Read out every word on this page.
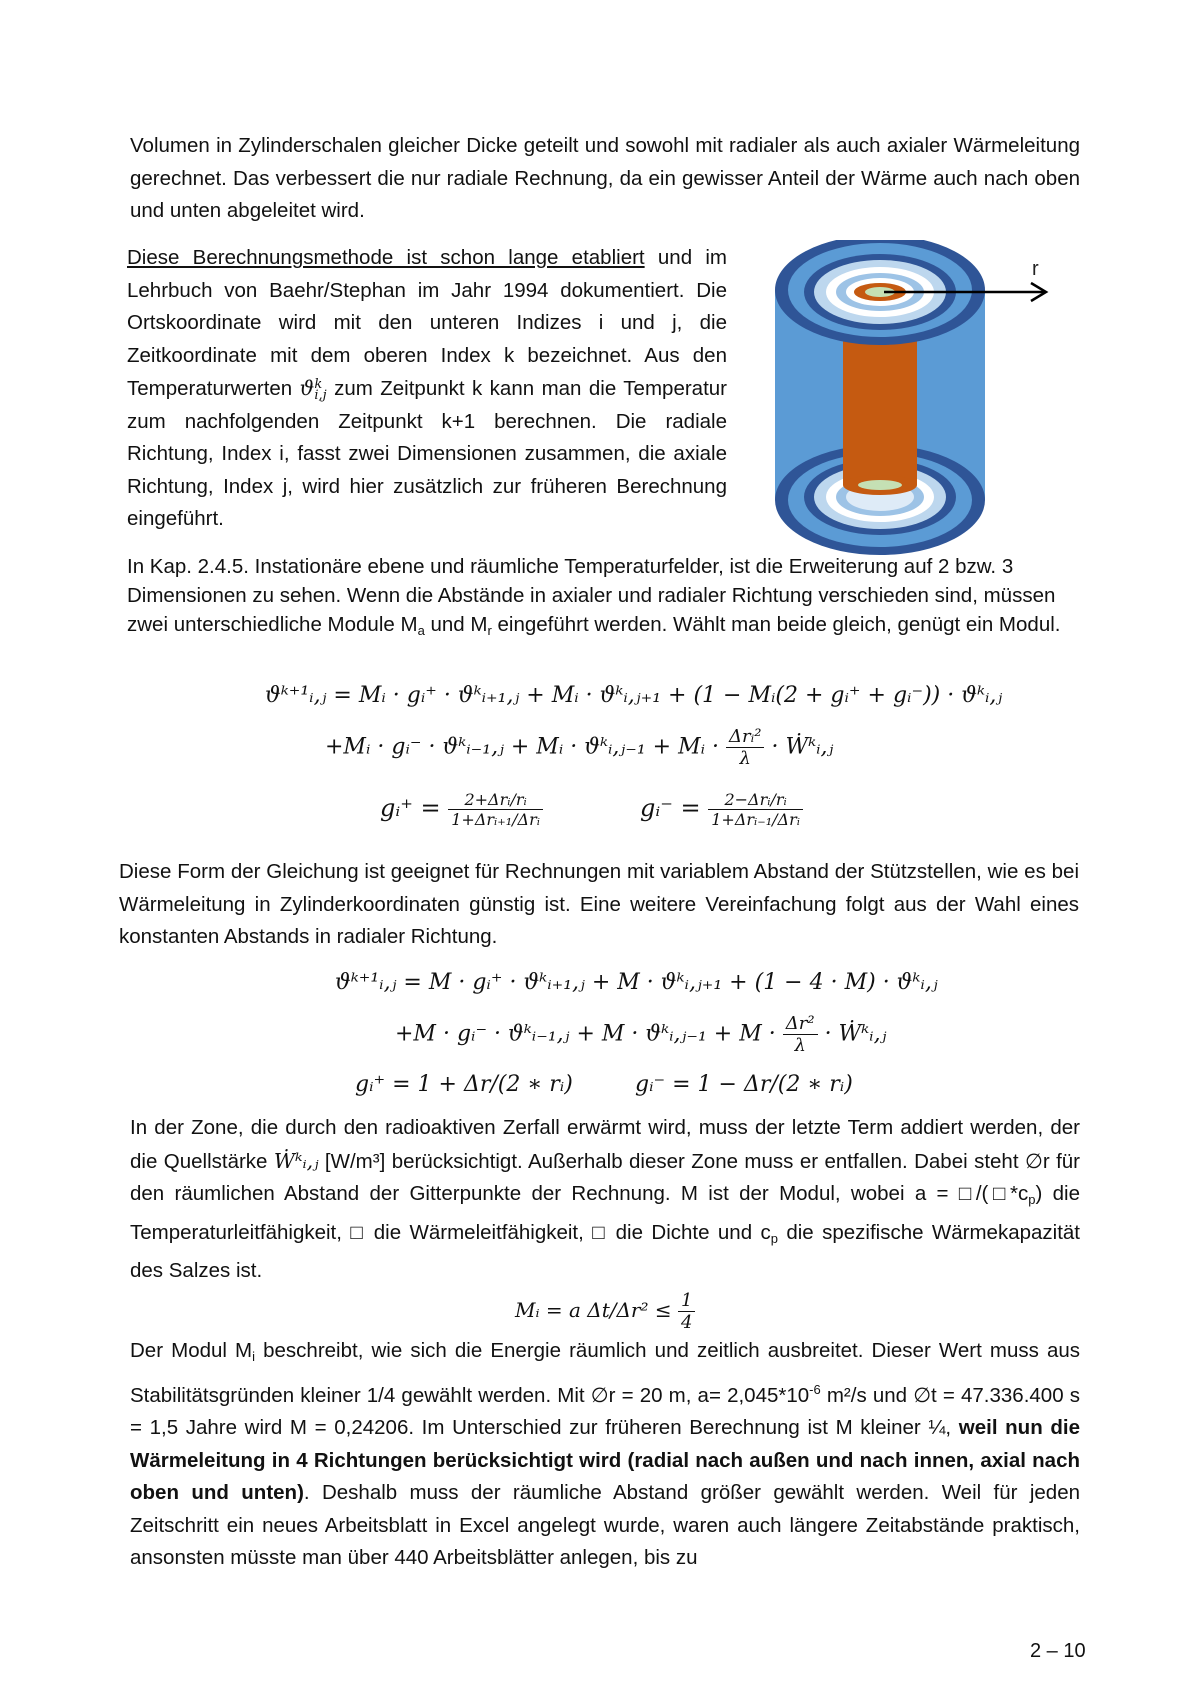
Volumen in Zylinderschalen gleicher Dicke geteilt und sowohl mit radialer als auch axialer Wärmeleitung gerechnet. Das verbessert die nur radiale Rechnung, da ein gewisser Anteil der Wärme auch nach oben und unten abgeleitet wird.

Diese Berechnungsmethode ist schon lange etabliert und im Lehrbuch von Baehr/Stephan im Jahr 1994 dokumentiert. Die Ortskoordinate wird mit den unteren Indizes i und j, die Zeitkoordinate mit dem oberen Index k bezeichnet. Aus den Temperaturwerten ϑ k
i,j zum Zeitpunkt k kann man die Temperatur zum nachfolgenden Zeitpunkt k+1 berechnen. Die radiale Richtung, Index i, fasst zwei Dimensionen zusammen, die axiale Richtung, Index j, wird hier zusätzlich zur früheren Berechnung eingeführt.

r

In Kap. 2.4.5. Instationäre ebene und räumliche Temperaturfelder, ist die Erweiterung auf 2 bzw. 3 Dimensionen zu sehen. Wenn die Abstände in axialer und radialer Richtung verschieden sind, müssen zwei unterschiedliche Module $M_a$ und $M_r$ eingeführt werden. Wählt man beide gleich, genügt ein Modul.

ϑᵏ⁺¹ᵢ,ⱼ = Mᵢ · gᵢ⁺ · ϑᵏᵢ₊₁,ⱼ + Mᵢ · ϑᵏᵢ,ⱼ₊₁ + (1 − Mᵢ(2 + gᵢ⁺ + gᵢ⁻)) · ϑᵏᵢ,ⱼ
+Mᵢ · gᵢ⁻ · ϑᵏᵢ₋₁,ⱼ + Mᵢ · ϑᵏᵢ,ⱼ₋₁ + Mᵢ · $\frac{\text{Δrᵢ²}}{\lambda}$ · Ẇᵏᵢ,ⱼ
gᵢ⁺ = $\frac{\text{2+Δrᵢ/rᵢ}}{\text{1+Δrᵢ₊₁/Δrᵢ}}$	gᵢ⁻ = $\frac{\text{2−Δrᵢ/rᵢ}}{\text{1+Δrᵢ₋₁/Δrᵢ}}$

Diese Form der Gleichung ist geeignet für Rechnungen mit variablem Abstand der Stützstellen, wie es bei Wärmeleitung in Zylinderkoordinaten günstig ist. Eine weitere Vereinfachung folgt aus der Wahl eines konstanten Abstands in radialer Richtung.

ϑᵏ⁺¹ᵢ,ⱼ = M · gᵢ⁺ · ϑᵏᵢ₊₁,ⱼ + M · ϑᵏᵢ,ⱼ₊₁ + (1 − 4 · M) · ϑᵏᵢ,ⱼ
+M · gᵢ⁻ · ϑᵏᵢ₋₁,ⱼ + M · ϑᵏᵢ,ⱼ₋₁ + $M \cdot \frac{\text{Δr²}}{\lambda}$ · Ẇᵏᵢ,ⱼ
gᵢ⁺ = 1 + Δr/(2 ∗ rᵢ)	gᵢ⁻ = 1 − Δr/(2 ∗ rᵢ)

In der Zone, die durch den radioaktiven Zerfall erwärmt wird, muss der letzte Term addiert werden, der die Quellstärke Ẇᵏᵢ,ⱼ [W/m³] berücksichtigt. Außerhalb dieser Zone muss er entfallen. Dabei steht ∅r für den räumlichen Abstand der Gitterpunkte der Rechnung. M ist der Modul, wobei $a = □/(□*c_p)$ die Temperaturleitfähigkeit, □ die Wärmeleitfähigkeit, □ die Dichte und $c_p$ die spezifische Wärmekapazität des Salzes ist.

Mᵢ = a $\Delta t/\Delta r^2 \le \frac{1}{4}$

Der Modul $M_i$ beschreibt, wie sich die Energie räumlich und zeitlich ausbreitet. Dieser Wert muss aus Stabilitätsgründen kleiner 1/4 gewählt werden. Mit ∅r = 20 m, $a= 2,045*10^{-6}$ m²/s und ∅t = 47.336.400 s = 1,5 Jahre wird M = 0,24206. Im Unterschied zur früheren Berechnung ist M kleiner ¼, weil nun die Wärmeleitung in 4 Richtungen berücksichtigt wird (radial nach außen und nach innen, axial nach oben und unten). Deshalb muss der räumliche Abstand größer gewählt werden. Weil für jeden Zeitschritt ein neues Arbeitsblatt in Excel angelegt wurde, waren auch längere Zeitabstände praktisch, ansonsten müsste man über 440 Arbeitsblätter anlegen, bis zu

2 – 10
